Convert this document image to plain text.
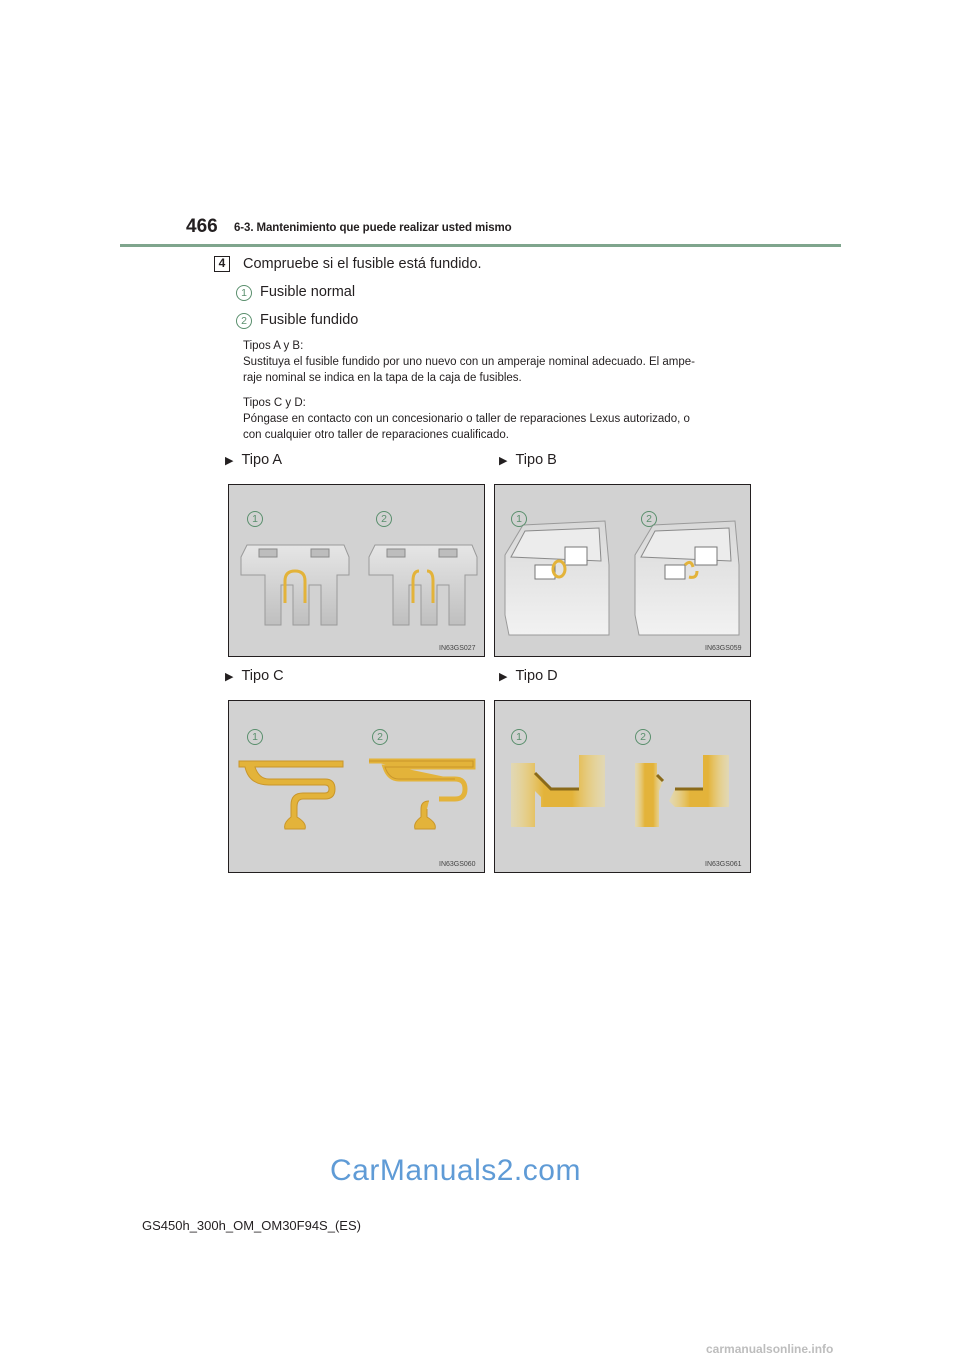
466 6-3. Mantenimiento que puede realizar usted mismo
4	Compruebe si el fusible está fundido.
1 Fusible normal
2 Fusible fundido
Tipos A y B:
Sustituya el fusible fundido por uno nuevo con un amperaje nominal adecuado. El ampe-
raje nominal se indica en la tapa de la caja de fusibles.
Tipos C y D:
Póngase en contacto con un concesionario o taller de reparaciones Lexus autorizado, o
con cualquier otro taller de reparaciones cualificado.
▶ Tipo A	▶ Tipo B
▶ Tipo C	▶ Tipo D
1	2
IN63GS027
1	2
IN63GS059
1	2
IN63GS060
1	2
IN63GS061
CarManuals2.com
GS450h_300h_OM_OM30F94S_(ES)
carmanualsonline.info
